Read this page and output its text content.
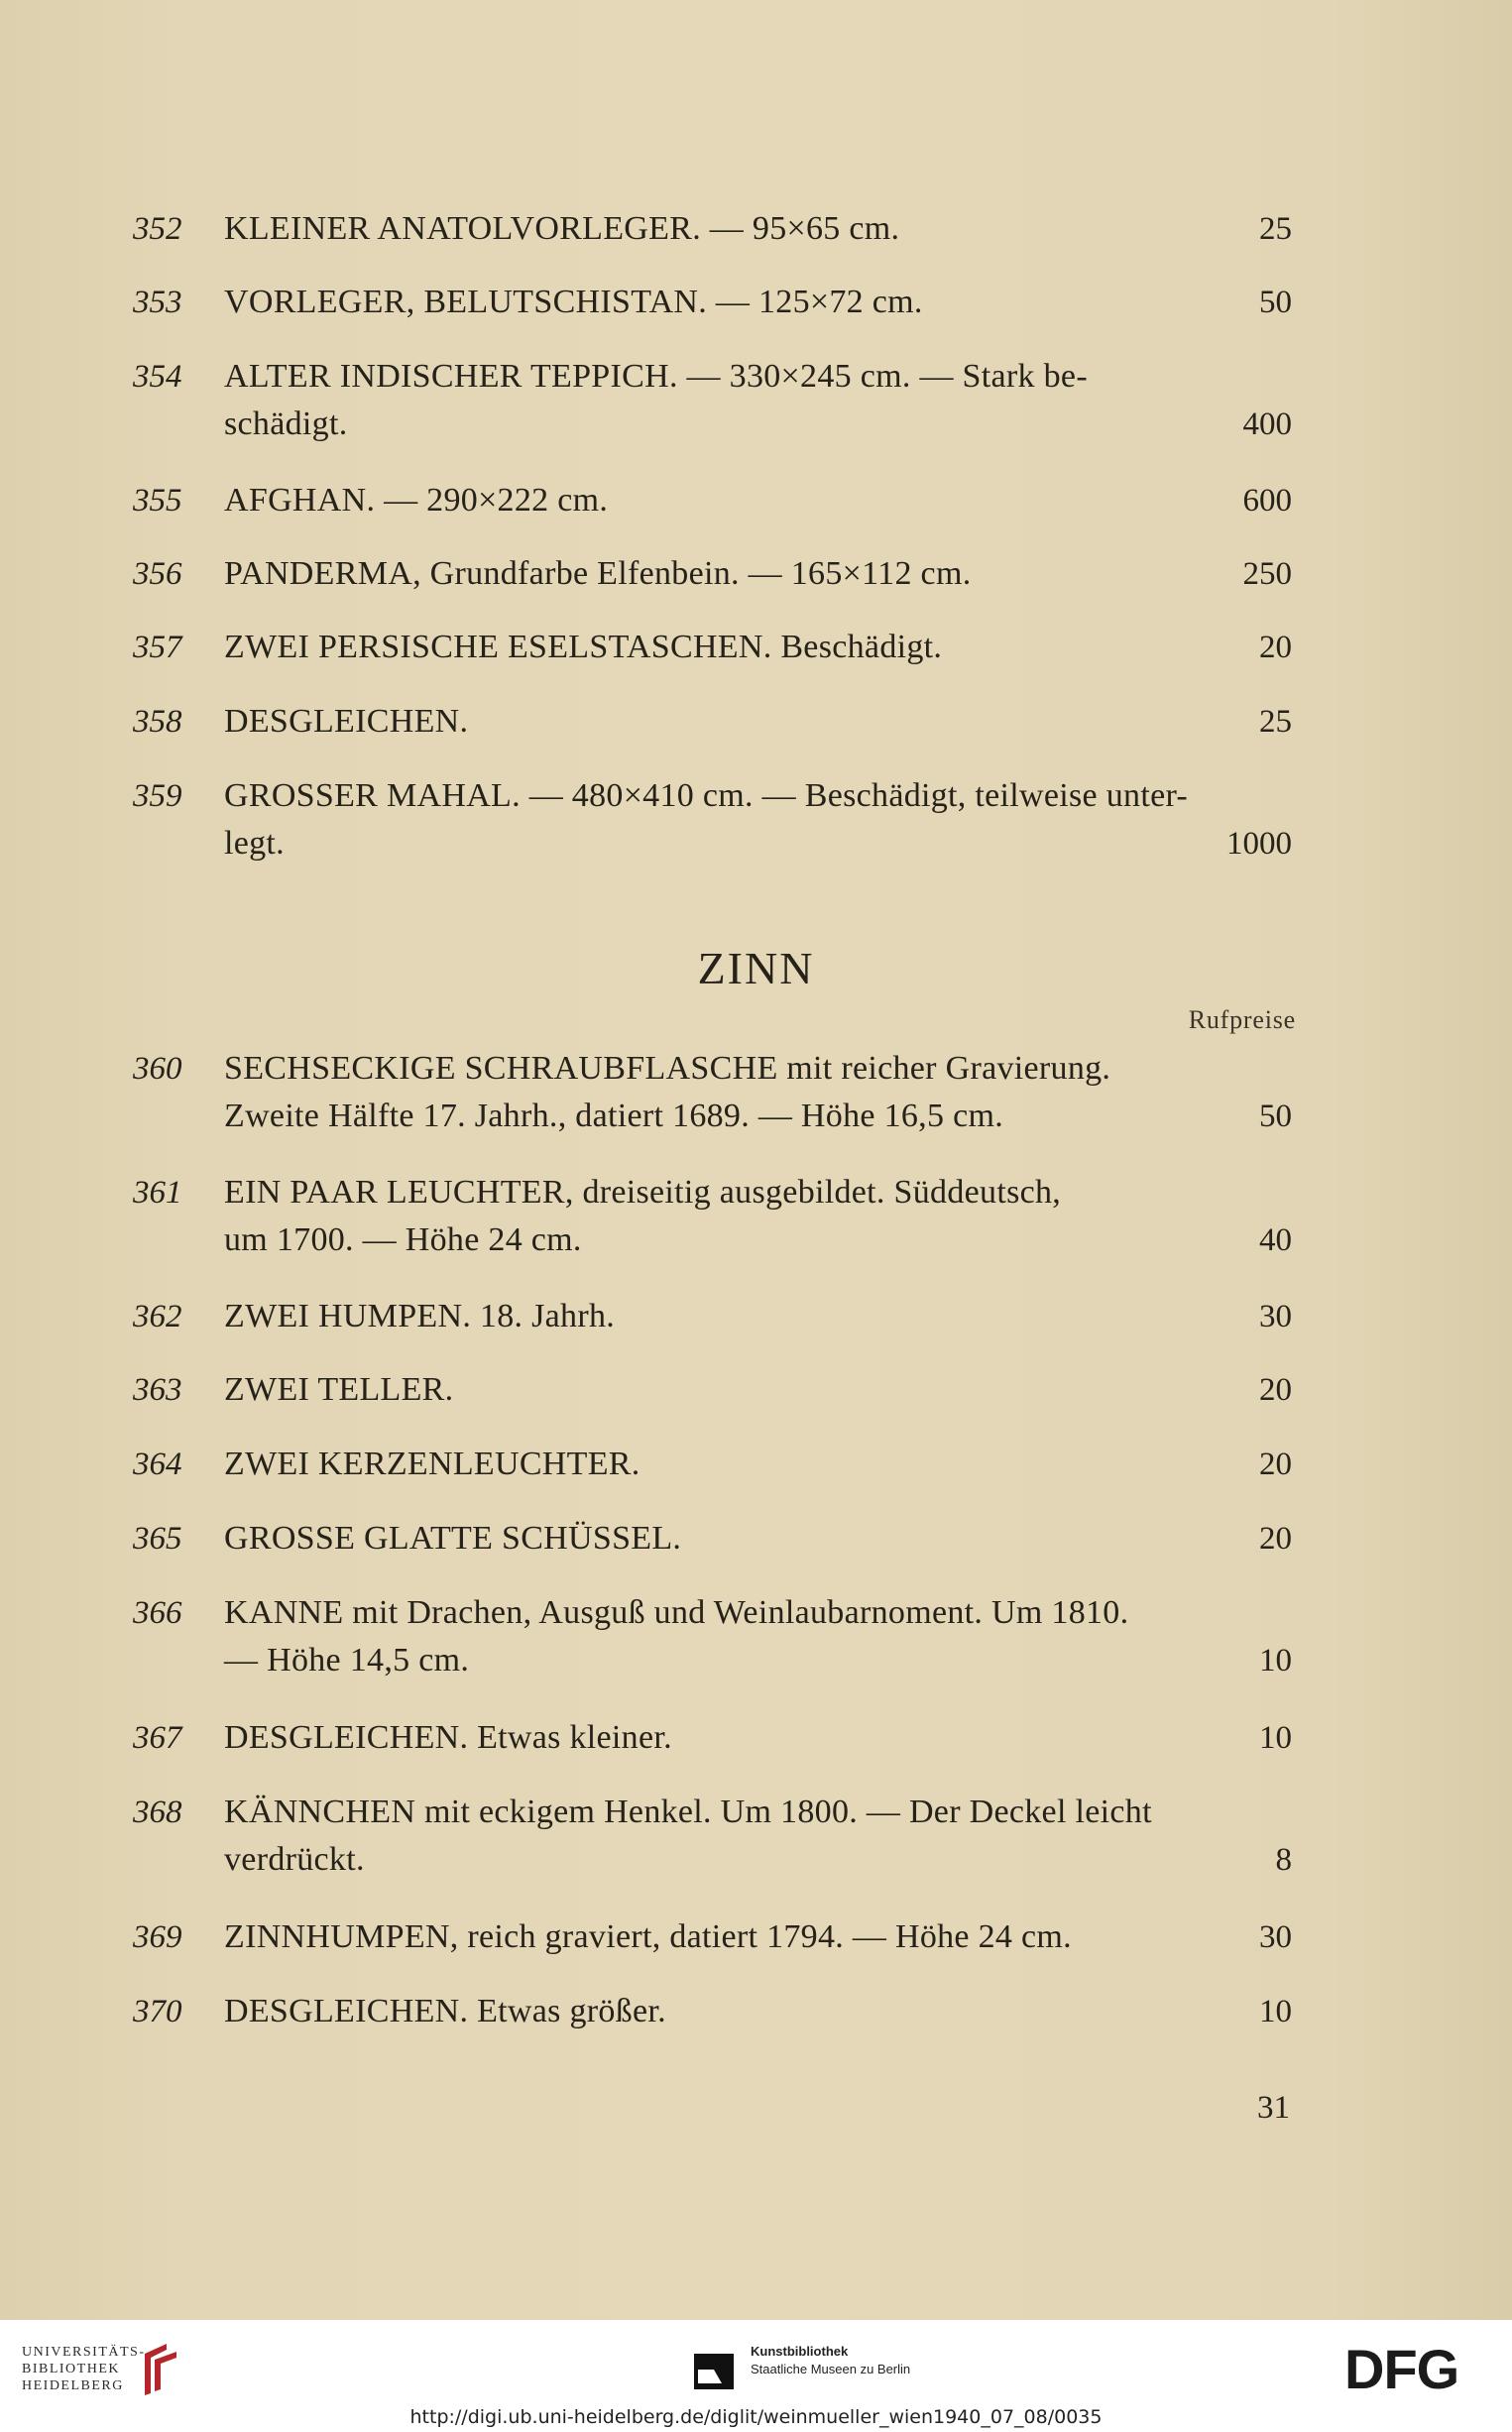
352	KLEINER ANATOLVORLEGER. — 95×65 cm.	25
353	VORLEGER, BELUTSCHISTAN. — 125×72 cm.	50
354	ALTER INDISCHER TEPPICH. — 330×245 cm. — Stark be-
schädigt.	400
355	AFGHAN. — 290×222 cm.	600
356	PANDERMA, Grundfarbe Elfenbein. — 165×112 cm.	250
357	ZWEI PERSISCHE ESELSTASCHEN. Beschädigt.	20
358	DESGLEICHEN.	25
359	GROSSER MAHAL. — 480×410 cm. — Beschädigt, teilweise unter-
legt.	1000
ZINN
Rufpreise
360	SECHSECKIGE SCHRAUBFLASCHE mit reicher Gravierung.
Zweite Hälfte 17. Jahrh., datiert 1689. — Höhe 16,5 cm.	50
361	EIN PAAR LEUCHTER, dreiseitig ausgebildet. Süddeutsch,
um 1700. — Höhe 24 cm.	40
362	ZWEI HUMPEN. 18. Jahrh.	30
363	ZWEI TELLER.	20
364	ZWEI KERZENLEUCHTER.	20
365	GROSSE GLATTE SCHÜSSEL.	20
366	KANNE mit Drachen, Ausguß und Weinlaubarnoment. Um 1810.
— Höhe 14,5 cm.	10
367	DESGLEICHEN. Etwas kleiner.	10
368	KÄNNCHEN mit eckigem Henkel. Um 1800. — Der Deckel leicht
verdrückt.	8
369	ZINNHUMPEN, reich graviert, datiert 1794. — Höhe 24 cm.	30
370	DESGLEICHEN. Etwas größer.	10
31
UNIVERSITÄTS-
BIBLIOTHEK
HEIDELBERG
Kunstbibliothek
Staatliche Museen zu Berlin	DFG
http://digi.ub.uni-heidelberg.de/diglit/weinmueller_wien1940_07_08/0035
